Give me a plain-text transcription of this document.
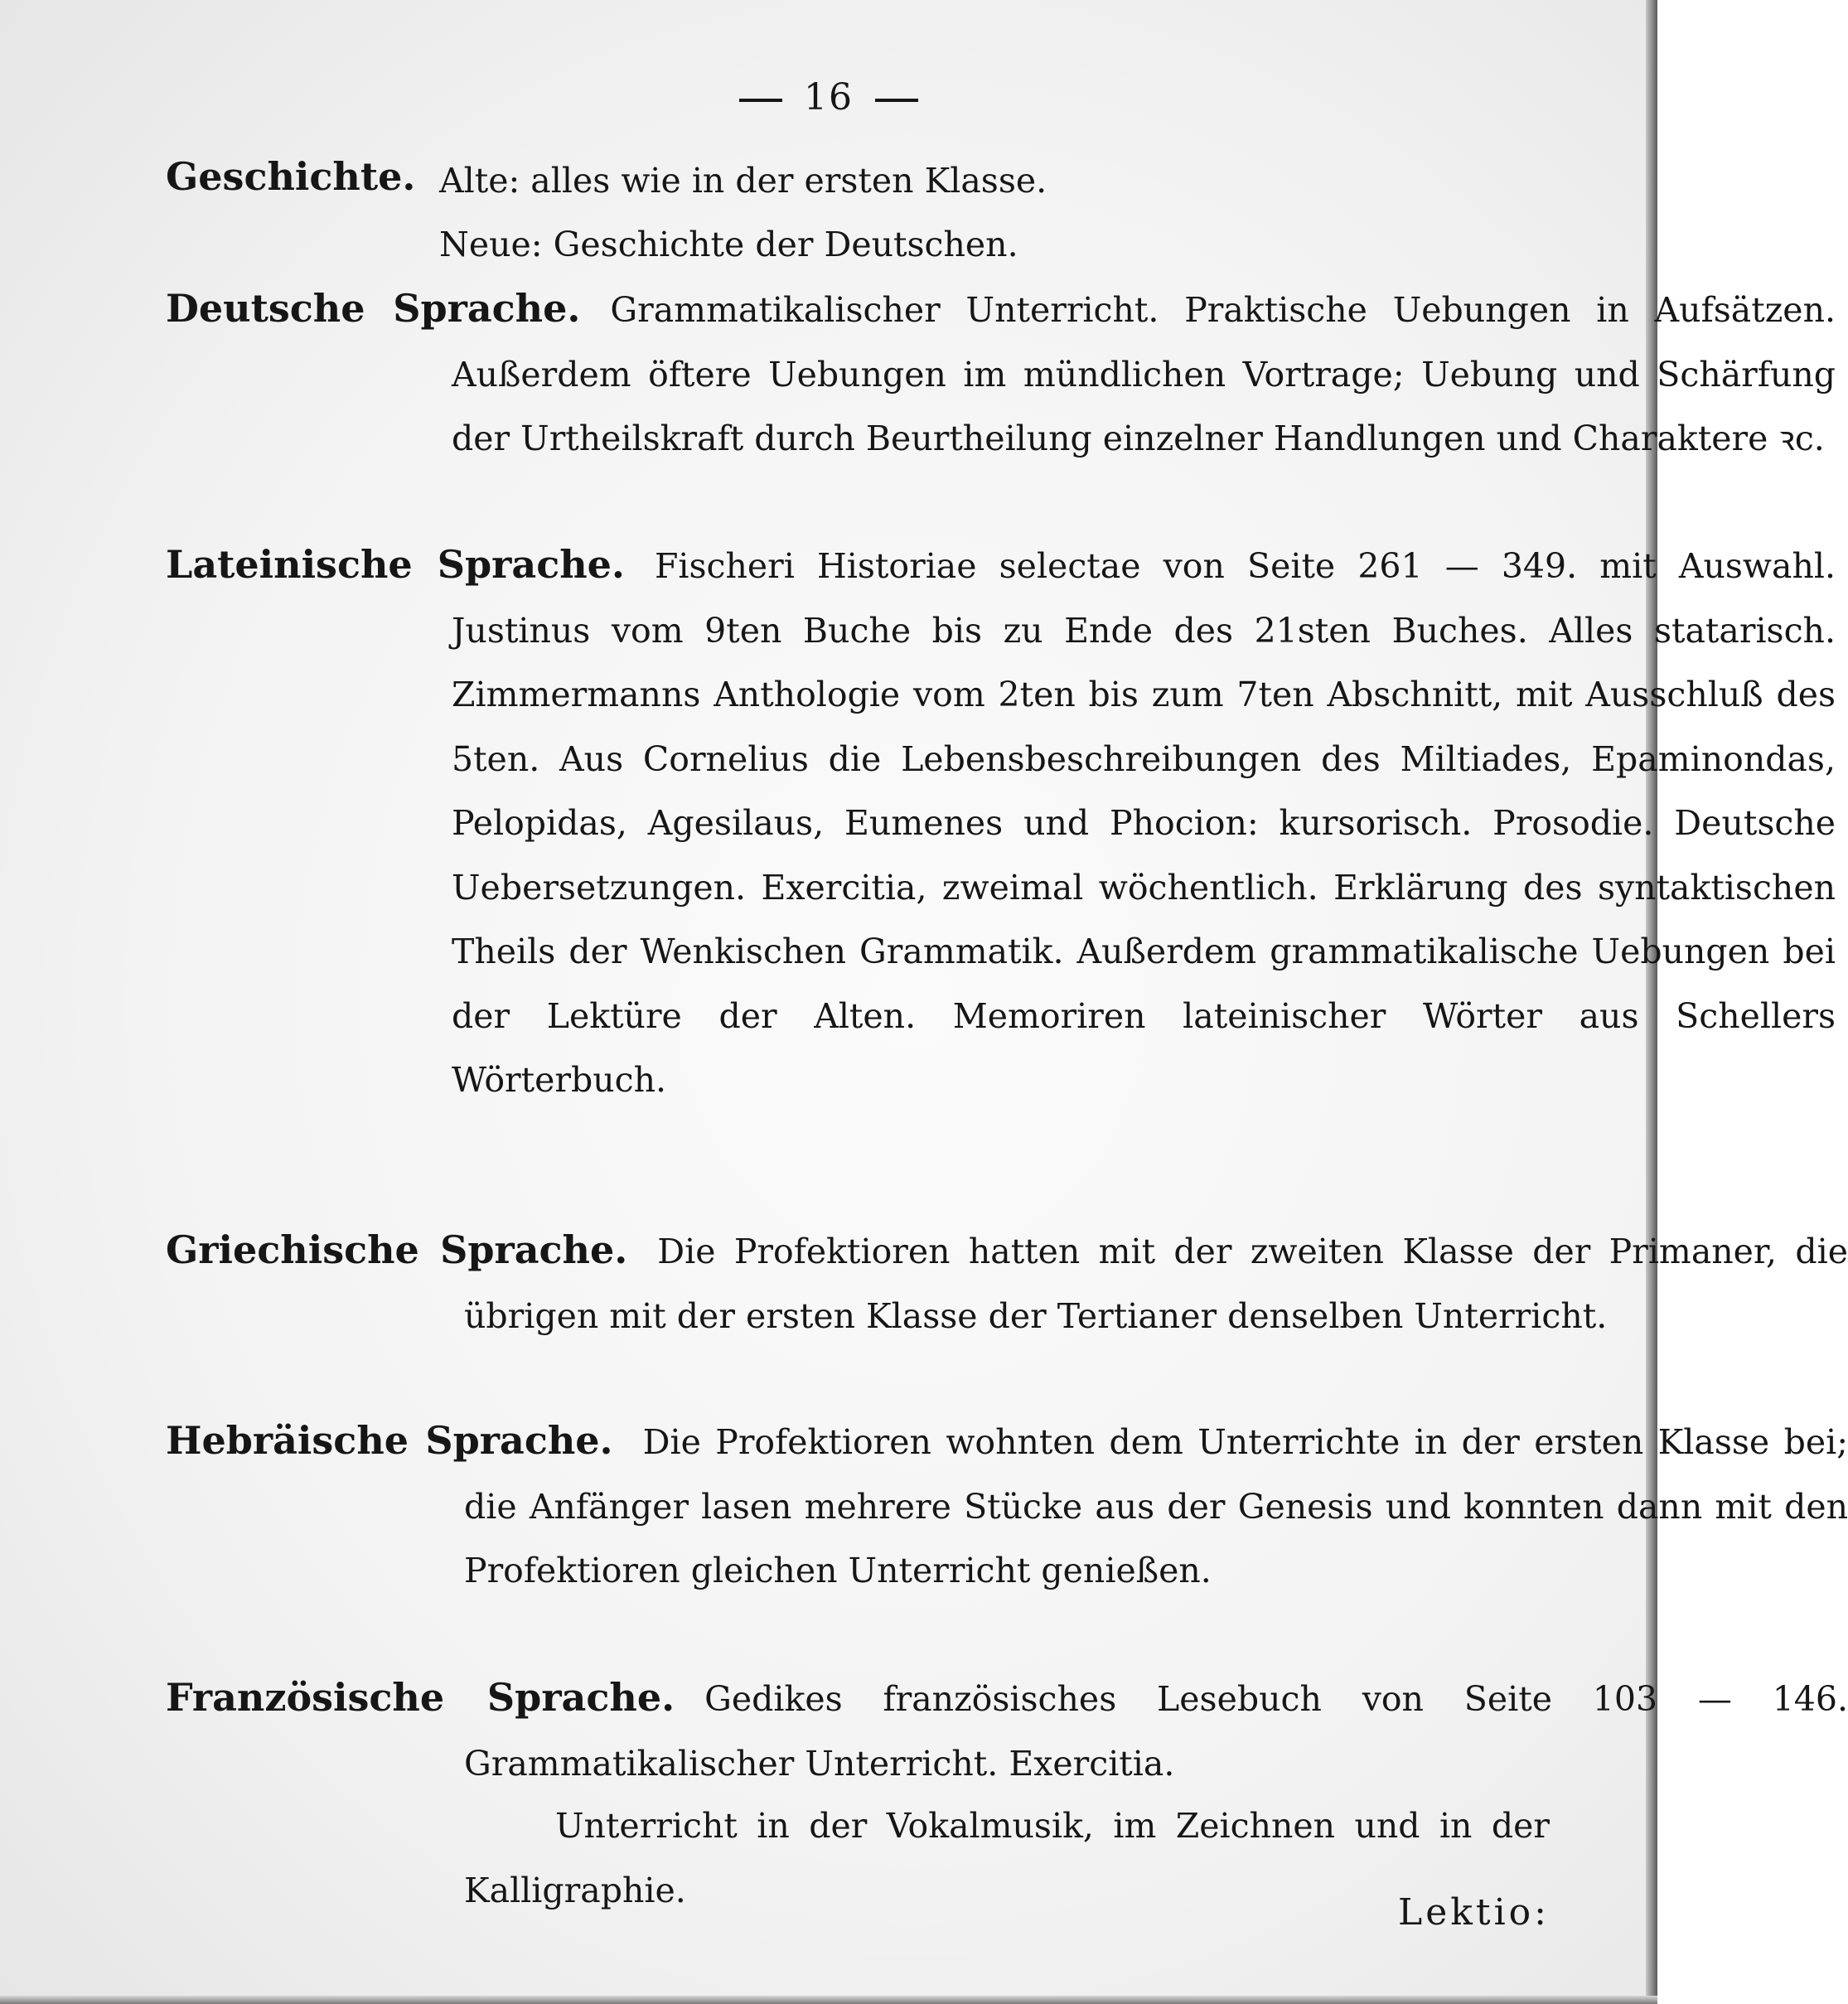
16
Geschichte. Alte: alles wie in der ersten Klasse.
Neue: Geschichte der Deutschen.
Deutsche Sprache. Grammatikalischer Unterricht. Praktische Uebungen in Aufsätzen. Außerdem öftere Uebungen im mündlichen Vortrage; Uebung und Schärfung der Urtheilskraft durch Beurtheilung einzelner Handlungen und Charaktere ꝛc.
Lateinische Sprache. Fischeri Historiae selectae von Seite 261 — 349. mit Auswahl. Justinus vom 9ten Buche bis zu Ende des 21sten Buches. Alles statarisch. Zimmermanns Anthologie vom 2ten bis zum 7ten Abschnitt, mit Ausschluß des 5ten. Aus Cornelius die Lebensbeschreibungen des Miltiades, Epaminondas, Pelopidas, Agesilaus, Eumenes und Phocion: kursorisch. Prosodie. Deutsche Uebersetzungen. Exercitia, zweimal wöchentlich. Erklärung des syntaktischen Theils der Wenkischen Grammatik. Außerdem grammatikalische Uebungen bei der Lektüre der Alten. Memoriren lateinischer Wörter aus Schellers Wörterbuch.
Griechische Sprache. Die Profektioren hatten mit der zweiten Klasse der Primaner, die übrigen mit der ersten Klasse der Tertianer denselben Unterricht.
Hebräische Sprache. Die Profektioren wohnten dem Unterrichte in der ersten Klasse bei; die Anfänger lasen mehrere Stücke aus der Genesis und konnten dann mit den Profektioren gleichen Unterricht genießen.
Französische Sprache. Gedikes französisches Lesebuch von Seite 103 — 146. Grammatikalischer Unterricht. Exercitia.
Unterricht in der Vokalmusik, im Zeichnen und in der Kalligraphie.
Lektio:
